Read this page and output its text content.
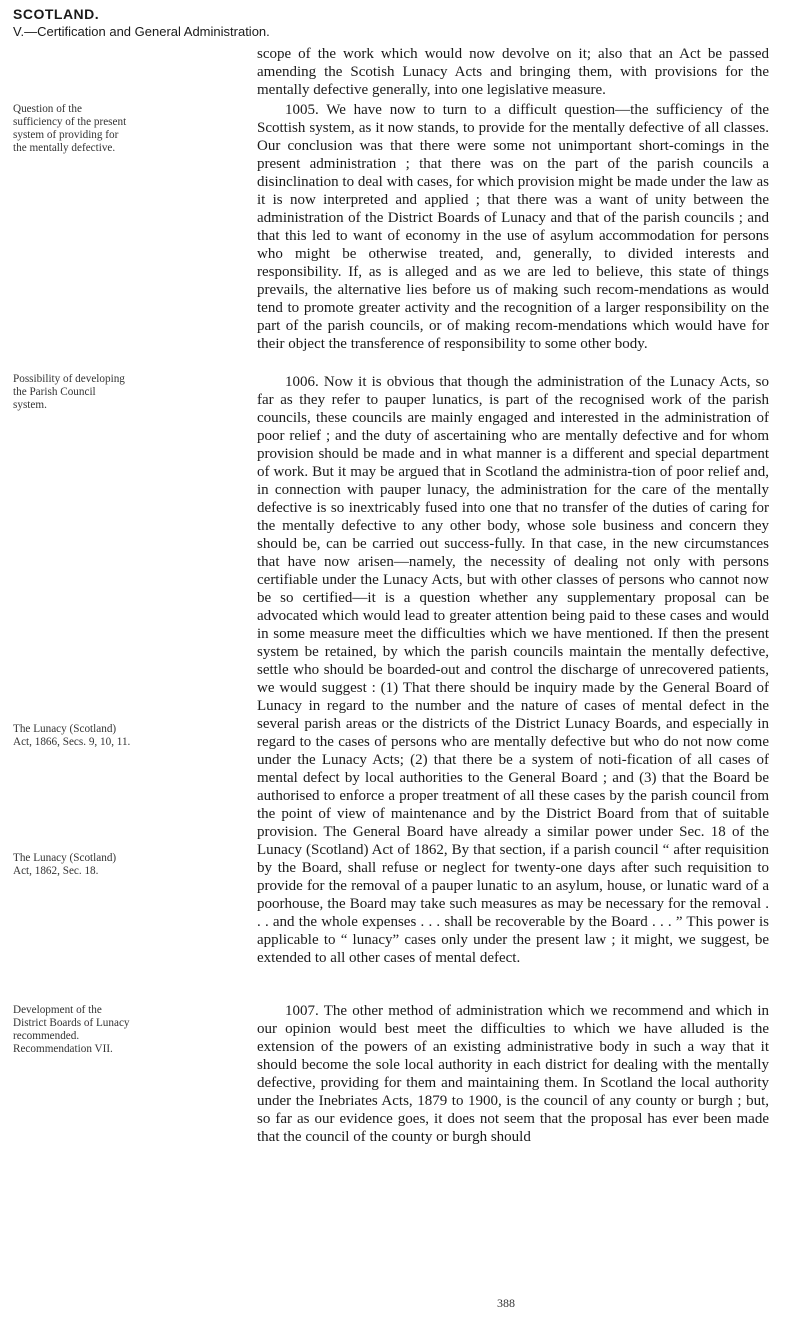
SCOTLAND.
V.—Certification and General Administration.

scope of the work which would now devolve on it; also that an Act be passed amending the Scotish Lunacy Acts and bringing them, with provisions for the mentally defective generally, into one legislative measure.

1005. We have now to turn to a difficult question—the sufficiency of the Scottish system, as it now stands, to provide for the mentally defective of all classes. Our conclusion was that there were some not unimportant short-comings in the present administration ; that there was on the part of the parish councils a disinclination to deal with cases, for which provision might be made under the law as it is now interpreted and applied ; that there was a want of unity between the administration of the District Boards of Lunacy and that of the parish councils ; and that this led to want of economy in the use of asylum accommodation for persons who might be otherwise treated, and, generally, to divided interests and responsibility. If, as is alleged and as we are led to believe, this state of things prevails, the alternative lies before us of making such recom-mendations as would tend to promote greater activity and the recognition of a larger responsibility on the part of the parish councils, or of making recom-mendations which would have for their object the transference of responsibility to some other body.

1006. Now it is obvious that though the administration of the Lunacy Acts, so far as they refer to pauper lunatics, is part of the recognised work of the parish councils, these councils are mainly engaged and interested in the administration of poor relief ; and the duty of ascertaining who are mentally defective and for whom provision should be made and in what manner is a different and special department of work. But it may be argued that in Scotland the administra-tion of poor relief and, in connection with pauper lunacy, the administration for the care of the mentally defective is so inextricably fused into one that no transfer of the duties of caring for the mentally defective to any other body, whose sole business and concern they should be, can be carried out success-fully. In that case, in the new circumstances that have now arisen—namely, the necessity of dealing not only with persons certifiable under the Lunacy Acts, but with other classes of persons who cannot now be so certified—it is a question whether any supplementary proposal can be advocated which would lead to greater attention being paid to these cases and would in some measure meet the difficulties which we have mentioned. If then the present system be retained, by which the parish councils maintain the mentally defective, settle who should be boarded-out and control the discharge of unrecovered patients, we would suggest : (1) That there should be inquiry made by the General Board of Lunacy in regard to the number and the nature of cases of mental defect in the several parish areas or the districts of the District Lunacy Boards, and especially in regard to the cases of persons who are mentally defective but who do not now come under the Lunacy Acts; (2) that there be a system of noti-fication of all cases of mental defect by local authorities to the General Board ; and (3) that the Board be authorised to enforce a proper treatment of all these cases by the parish council from the point of view of maintenance and by the District Board from that of suitable provision. The General Board have already a similar power under Sec. 18 of the Lunacy (Scotland) Act of 1862, By that section, if a parish council “ after requisition by the Board, shall refuse or neglect for twenty-one days after such requisition to provide for the removal of a pauper lunatic to an asylum, house, or lunatic ward of a poorhouse, the Board may take such measures as may be necessary for the removal . . . and the whole expenses . . . shall be recoverable by the Board . . . ” This power is applicable to “ lunacy” cases only under the present law ; it might, we suggest, be extended to all other cases of mental defect.

1007. The other method of administration which we recommend and which in our opinion would best meet the difficulties to which we have alluded is the extension of the powers of an existing administrative body in such a way that it should become the sole local authority in each district for dealing with the mentally defective, providing for them and maintaining them. In Scotland the local authority under the Inebriates Acts, 1879 to 1900, is the council of any county or burgh ; but, so far as our evidence goes, it does not seem that the proposal has ever been made that the council of the county or burgh should

Question of the sufficiency of the present system of providing for the mentally defective.

Possibility of developing the Parish Council system.

The Lunacy (Scotland) Act, 1866, Secs. 9, 10, 11.

The Lunacy (Scotland) Act, 1862, Sec. 18.

Development of the District Boards of Lunacy recommended. Recommendation VII.

388
